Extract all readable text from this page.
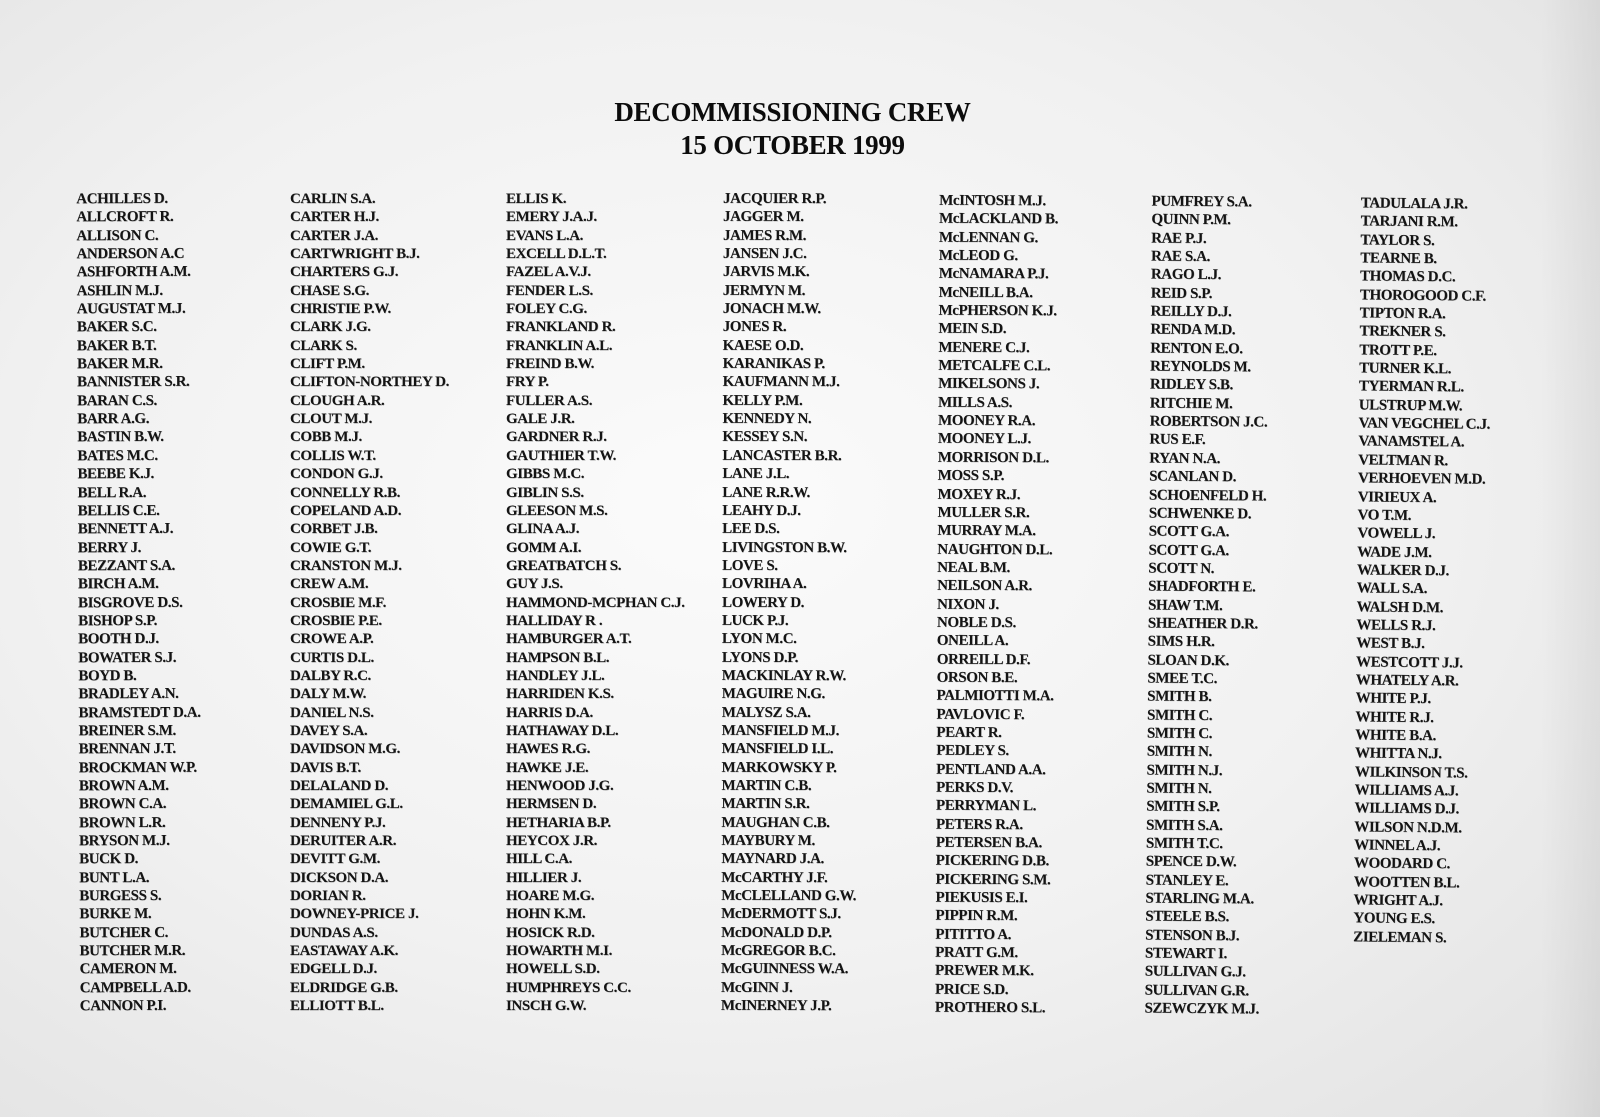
DECOMMISSIONING CREW
15 OCTOBER 1999
ACHILLES D.
ALLCROFT R.
ALLISON C.
ANDERSON A.C
ASHFORTH A.M.
ASHLIN M.J.
AUGUSTAT M.J.
BAKER S.C.
BAKER B.T.
BAKER M.R.
BANNISTER S.R.
BARAN C.S.
BARR A.G.
BASTIN B.W.
BATES M.C.
BEEBE K.J.
BELL R.A.
BELLIS C.E.
BENNETT A.J.
BERRY J.
BEZZANT S.A.
BIRCH A.M.
BISGROVE D.S.
BISHOP S.P.
BOOTH D.J.
BOWATER S.J.
BOYD B.
BRADLEY A.N.
BRAMSTEDT D.A.
BREINER S.M.
BRENNAN J.T.
BROCKMAN W.P.
BROWN A.M.
BROWN C.A.
BROWN L.R.
BRYSON M.J.
BUCK D.
BUNT L.A.
BURGESS S.
BURKE M.
BUTCHER C.
BUTCHER M.R.
CAMERON M.
CAMPBELL A.D.
CANNON P.I.
CARLIN S.A.
CARTER H.J.
CARTER J.A.
CARTWRIGHT B.J.
CHARTERS G.J.
CHASE S.G.
CHRISTIE P.W.
CLARK J.G.
CLARK S.
CLIFT P.M.
CLIFTON-NORTHEY D.
CLOUGH A.R.
CLOUT M.J.
COBB M.J.
COLLIS W.T.
CONDON G.J.
CONNELLY R.B.
COPELAND A.D.
CORBET J.B.
COWIE G.T.
CRANSTON M.J.
CREW A.M.
CROSBIE M.F.
CROSBIE P.E.
CROWE A.P.
CURTIS D.L.
DALBY R.C.
DALY M.W.
DANIEL N.S.
DAVEY S.A.
DAVIDSON M.G.
DAVIS B.T.
DELALAND D.
DEMAMIEL G.L.
DENNENY P.J.
DERUITER A.R.
DEVITT G.M.
DICKSON D.A.
DORIAN R.
DOWNEY-PRICE J.
DUNDAS A.S.
EASTAWAY A.K.
EDGELL D.J.
ELDRIDGE G.B.
ELLIOTT B.L.
ELLIS K.
EMERY J.A.J.
EVANS L.A.
EXCELL D.L.T.
FAZEL A.V.J.
FENDER L.S.
FOLEY C.G.
FRANKLAND R.
FRANKLIN A.L.
FREIND B.W.
FRY P.
FULLER A.S.
GALE J.R.
GARDNER R.J.
GAUTHIER T.W.
GIBBS M.C.
GIBLIN S.S.
GLEESON M.S.
GLINA A.J.
GOMM A.I.
GREATBATCH S.
GUY J.S.
HAMMOND-MCPHAN C.J.
HALLIDAY R .
HAMBURGER A.T.
HAMPSON B.L.
HANDLEY J.L.
HARRIDEN K.S.
HARRIS D.A.
HATHAWAY D.L.
HAWES R.G.
HAWKE J.E.
HENWOOD J.G.
HERMSEN D.
HETHARIA B.P.
HEYCOX J.R.
HILL C.A.
HILLIER J.
HOARE M.G.
HOHN K.M.
HOSICK R.D.
HOWARTH M.I.
HOWELL S.D.
HUMPHREYS C.C.
INSCH G.W.
JACQUIER R.P.
JAGGER M.
JAMES R.M.
JANSEN J.C.
JARVIS M.K.
JERMYN M.
JONACH M.W.
JONES R.
KAESE O.D.
KARANIKAS P.
KAUFMANN M.J.
KELLY P.M.
KENNEDY N.
KESSEY S.N.
LANCASTER B.R.
LANE J.L.
LANE R.R.W.
LEAHY D.J.
LEE D.S.
LIVINGSTON B.W.
LOVE S.
LOVRIHA A.
LOWERY D.
LUCK P.J.
LYON M.C.
LYONS D.P.
MACKINLAY R.W.
MAGUIRE N.G.
MALYSZ S.A.
MANSFIELD M.J.
MANSFIELD I.L.
MARKOWSKY P.
MARTIN C.B.
MARTIN S.R.
MAUGHAN C.B.
MAYBURY M.
MAYNARD J.A.
McCARTHY J.F.
McCLELLAND G.W.
McDERMOTT S.J.
McDONALD D.P.
McGREGOR B.C.
McGUINNESS W.A.
McGINN J.
McINERNEY J.P.
McINTOSH M.J.
McLACKLAND B.
McLENNAN G.
McLEOD G.
McNAMARA P.J.
McNEILL B.A.
McPHERSON K.J.
MEIN S.D.
MENERE C.J.
METCALFE C.L.
MIKELSONS J.
MILLS A.S.
MOONEY R.A.
MOONEY L.J.
MORRISON D.L.
MOSS S.P.
MOXEY R.J.
MULLER S.R.
MURRAY M.A.
NAUGHTON D.L.
NEAL B.M.
NEILSON A.R.
NIXON J.
NOBLE D.S.
ONEILL A.
ORREILL D.F.
ORSON B.E.
PALMIOTTI M.A.
PAVLOVIC F.
PEART R.
PEDLEY S.
PENTLAND A.A.
PERKS D.V.
PERRYMAN L.
PETERS R.A.
PETERSEN B.A.
PICKERING D.B.
PICKERING S.M.
PIEKUSIS E.I.
PIPPIN R.M.
PITITTO A.
PRATT G.M.
PREWER M.K.
PRICE S.D.
PROTHERO S.L.
PUMFREY S.A.
QUINN P.M.
RAE P.J.
RAE S.A.
RAGO L.J.
REID S.P.
REILLY D.J.
RENDA M.D.
RENTON E.O.
REYNOLDS M.
RIDLEY S.B.
RITCHIE M.
ROBERTSON J.C.
RUS E.F.
RYAN N.A.
SCANLAN D.
SCHOENFELD H.
SCHWENKE D.
SCOTT G.A.
SCOTT G.A.
SCOTT N.
SHADFORTH E.
SHAW T.M.
SHEATHER D.R.
SIMS H.R.
SLOAN D.K.
SMEE T.C.
SMITH B.
SMITH C.
SMITH C.
SMITH N.
SMITH N.J.
SMITH N.
SMITH S.P.
SMITH S.A.
SMITH T.C.
SPENCE D.W.
STANLEY E.
STARLING M.A.
STEELE B.S.
STENSON B.J.
STEWART I.
SULLIVAN G.J.
SULLIVAN G.R.
SZEWCZYK M.J.
TADULALA J.R.
TARJANI R.M.
TAYLOR S.
TEARNE B.
THOMAS D.C.
THOROGOOD C.F.
TIPTON R.A.
TREKNER S.
TROTT P.E.
TURNER K.L.
TYERMAN R.L.
ULSTRUP M.W.
VAN VEGCHEL C.J.
VANAMSTEL A.
VELTMAN R.
VERHOEVEN M.D.
VIRIEUX A.
VO T.M.
VOWELL J.
WADE J.M.
WALKER D.J.
WALL S.A.
WALSH D.M.
WELLS R.J.
WEST B.J.
WESTCOTT J.J.
WHATELY A.R.
WHITE P.J.
WHITE R.J.
WHITE B.A.
WHITTA N.J.
WILKINSON T.S.
WILLIAMS A.J.
WILLIAMS D.J.
WILSON N.D.M.
WINNEL A.J.
WOODARD C.
WOOTTEN B.L.
WRIGHT A.J.
YOUNG E.S.
ZIELEMAN S.
